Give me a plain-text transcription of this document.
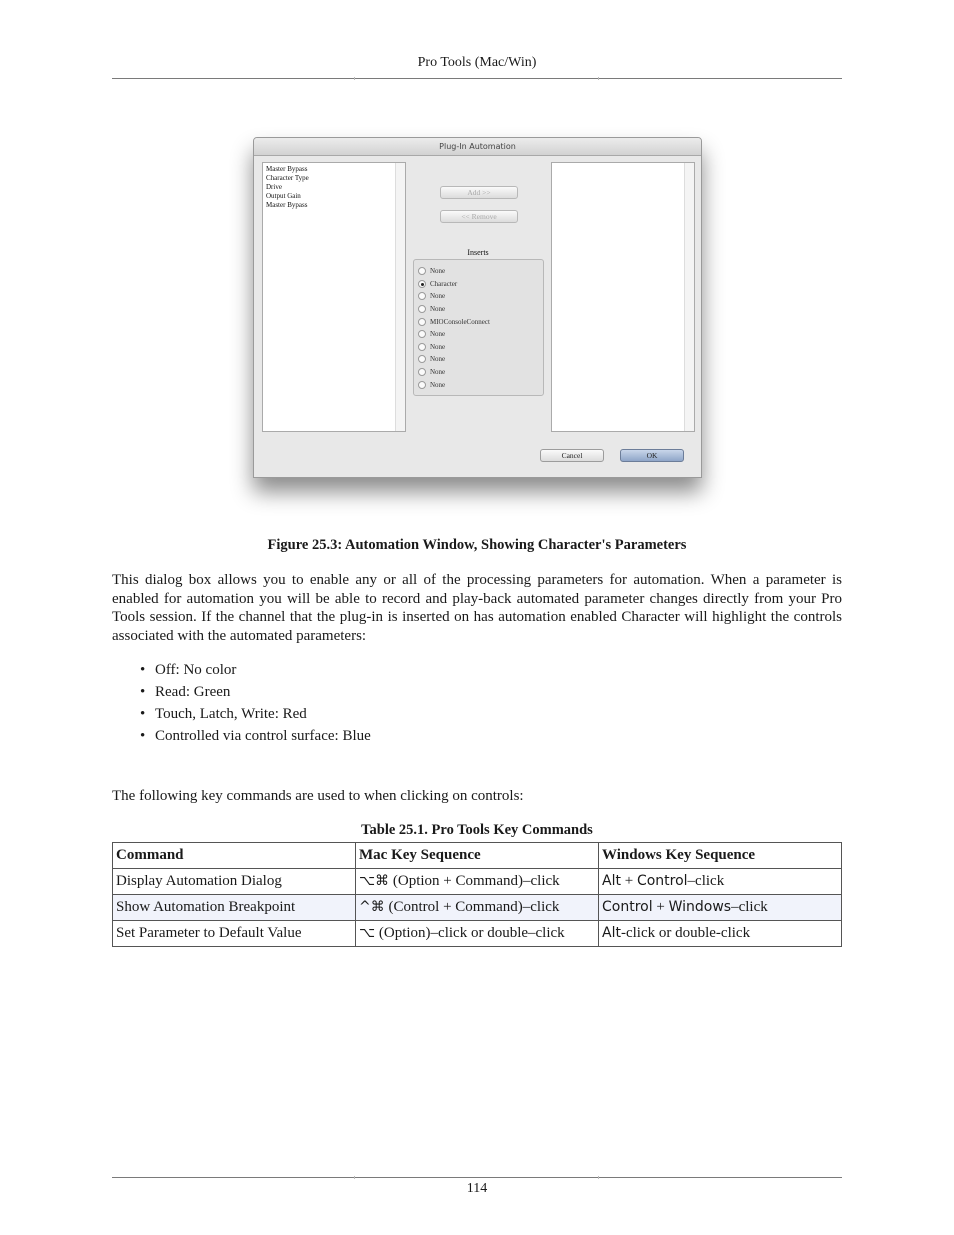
Pro Tools (Mac/Win)
Plug-In Automation
Master Bypass
Character Type
Drive
Output Gain
Master Bypass
Add >>
<< Remove
Inserts
None
Character
None
None
MIOConsoleConnect
None
None
None
None
None
Cancel	OK
Figure 25.3: Automation Window, Showing Character's Parameters

This dialog box allows you to enable any or all of the processing parameters for automation. When a parameter is enabled for automation you will be able to record and play-back automated parameter changes directly from your Pro Tools session. If the channel that the plug-in is inserted on has automation enabled Character will highlight the controls associated with the automated parameters:

• Off: No color
• Read: Green
• Touch, Latch, Write: Red
• Controlled via control surface: Blue

The following key commands are used to when clicking on controls:

Table 25.1. Pro Tools Key Commands
Command	Mac Key Sequence	Windows Key Sequence
Display Automation Dialog	⌥⌘ (Option + Command)–click	Alt + Control–click
Show Automation Breakpoint	^⌘ (Control + Command)–click	Control + Windows–click
Set Parameter to Default Value	⌥ (Option)–click or double–click	Alt-click or double-click
114
